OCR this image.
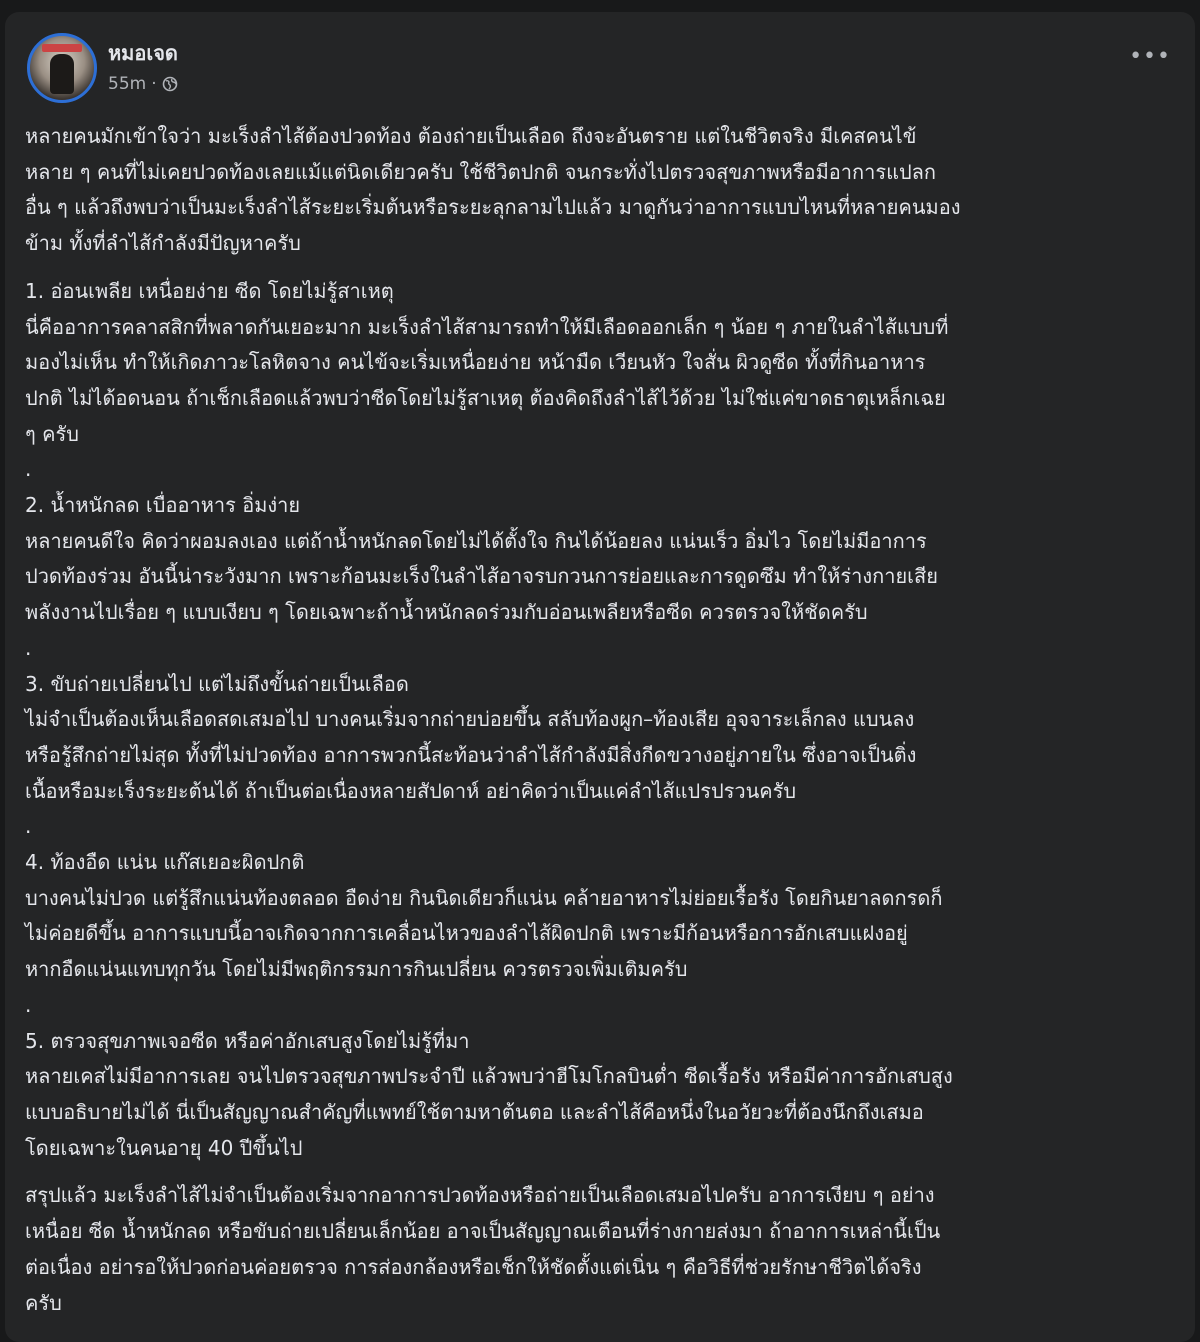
หมอเจด
55m ·
•••
หลายคนมักเข้าใจว่า มะเร็งลำไส้ต้องปวดท้อง ต้องถ่ายเป็นเลือด ถึงจะอันตราย แต่ในชีวิตจริง มีเคสคนไข้
หลาย ๆ คนที่ไม่เคยปวดท้องเลยแม้แต่นิดเดียวครับ ใช้ชีวิตปกติ จนกระทั่งไปตรวจสุขภาพหรือมีอาการแปลก
อื่น ๆ แล้วถึงพบว่าเป็นมะเร็งลำไส้ระยะเริ่มต้นหรือระยะลุกลามไปแล้ว มาดูกันว่าอาการแบบไหนที่หลายคนมอง
ข้าม ทั้งที่ลำไส้กำลังมีปัญหาครับ
1. อ่อนเพลีย เหนื่อยง่าย ซีด โดยไม่รู้สาเหตุ
นี่คืออาการคลาสสิกที่พลาดกันเยอะมาก มะเร็งลำไส้สามารถทำให้มีเลือดออกเล็ก ๆ น้อย ๆ ภายในลำไส้แบบที่
มองไม่เห็น ทำให้เกิดภาวะโลหิตจาง คนไข้จะเริ่มเหนื่อยง่าย หน้ามืด เวียนหัว ใจสั่น ผิวดูซีด ทั้งที่กินอาหาร
ปกติ ไม่ได้อดนอน ถ้าเช็กเลือดแล้วพบว่าซีดโดยไม่รู้สาเหตุ ต้องคิดถึงลำไส้ไว้ด้วย ไม่ใช่แค่ขาดธาตุเหล็กเฉย
ๆ ครับ
.
2. น้ำหนักลด เบื่ออาหาร อิ่มง่าย
หลายคนดีใจ คิดว่าผอมลงเอง แต่ถ้าน้ำหนักลดโดยไม่ได้ตั้งใจ กินได้น้อยลง แน่นเร็ว อิ่มไว โดยไม่มีอาการ
ปวดท้องร่วม อันนี้น่าระวังมาก เพราะก้อนมะเร็งในลำไส้อาจรบกวนการย่อยและการดูดซึม ทำให้ร่างกายเสีย
พลังงานไปเรื่อย ๆ แบบเงียบ ๆ โดยเฉพาะถ้าน้ำหนักลดร่วมกับอ่อนเพลียหรือซีด ควรตรวจให้ชัดครับ
.
3. ขับถ่ายเปลี่ยนไป แต่ไม่ถึงขั้นถ่ายเป็นเลือด
ไม่จำเป็นต้องเห็นเลือดสดเสมอไป บางคนเริ่มจากถ่ายบ่อยขึ้น สลับท้องผูก–ท้องเสีย อุจจาระเล็กลง แบนลง
หรือรู้สึกถ่ายไม่สุด ทั้งที่ไม่ปวดท้อง อาการพวกนี้สะท้อนว่าลำไส้กำลังมีสิ่งกีดขวางอยู่ภายใน ซึ่งอาจเป็นติ่ง
เนื้อหรือมะเร็งระยะต้นได้ ถ้าเป็นต่อเนื่องหลายสัปดาห์ อย่าคิดว่าเป็นแค่ลำไส้แปรปรวนครับ
.
4. ท้องอืด แน่น แก๊สเยอะผิดปกติ
บางคนไม่ปวด แต่รู้สึกแน่นท้องตลอด อืดง่าย กินนิดเดียวก็แน่น คล้ายอาหารไม่ย่อยเรื้อรัง โดยกินยาลดกรดก็
ไม่ค่อยดีขึ้น อาการแบบนี้อาจเกิดจากการเคลื่อนไหวของลำไส้ผิดปกติ เพราะมีก้อนหรือการอักเสบแฝงอยู่
หากอืดแน่นแทบทุกวัน โดยไม่มีพฤติกรรมการกินเปลี่ยน ควรตรวจเพิ่มเติมครับ
.
5. ตรวจสุขภาพเจอซีด หรือค่าอักเสบสูงโดยไม่รู้ที่มา
หลายเคสไม่มีอาการเลย จนไปตรวจสุขภาพประจำปี แล้วพบว่าฮีโมโกลบินต่ำ ซีดเรื้อรัง หรือมีค่าการอักเสบสูง
แบบอธิบายไม่ได้ นี่เป็นสัญญาณสำคัญที่แพทย์ใช้ตามหาต้นตอ และลำไส้คือหนึ่งในอวัยวะที่ต้องนึกถึงเสมอ
โดยเฉพาะในคนอายุ 40 ปีขึ้นไป
สรุปแล้ว มะเร็งลำไส้ไม่จำเป็นต้องเริ่มจากอาการปวดท้องหรือถ่ายเป็นเลือดเสมอไปครับ อาการเงียบ ๆ อย่าง
เหนื่อย ซีด น้ำหนักลด หรือขับถ่ายเปลี่ยนเล็กน้อย อาจเป็นสัญญาณเตือนที่ร่างกายส่งมา ถ้าอาการเหล่านี้เป็น
ต่อเนื่อง อย่ารอให้ปวดก่อนค่อยตรวจ การส่องกล้องหรือเช็กให้ชัดตั้งแต่เนิ่น ๆ คือวิธีที่ช่วยรักษาชีวิตได้จริง
ครับ
